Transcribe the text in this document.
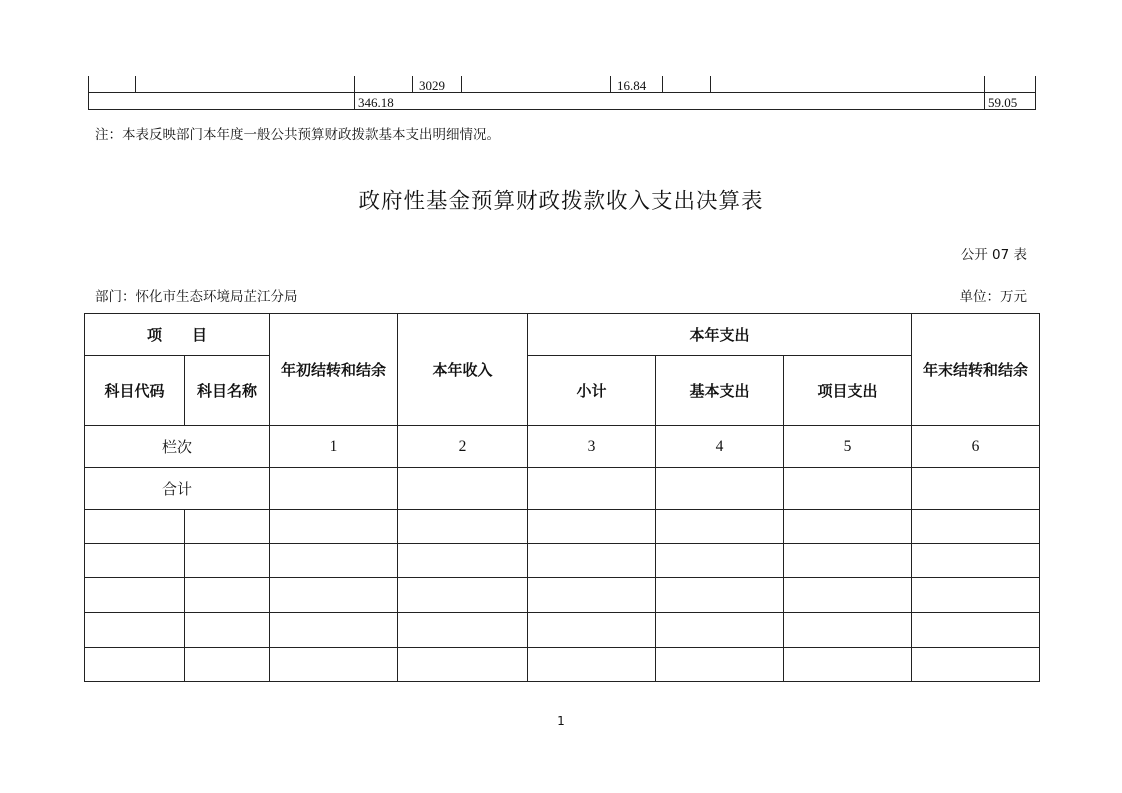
3029	16.84
346.18	59.05
注：本表反映部门本年度一般公共预算财政拨款基本支出明细情况。
政府性基金预算财政拨款收入支出决算表
公开 07 表
部门：怀化市生态环境局芷江分局	单位：万元
项　　目		年初结转和结余	本年收入	本年支出			年末结转和结余
科目代码	科目名称			小计	基本支出	项目支出	
栏次		1	2	3	4	5	6
合计							

1
